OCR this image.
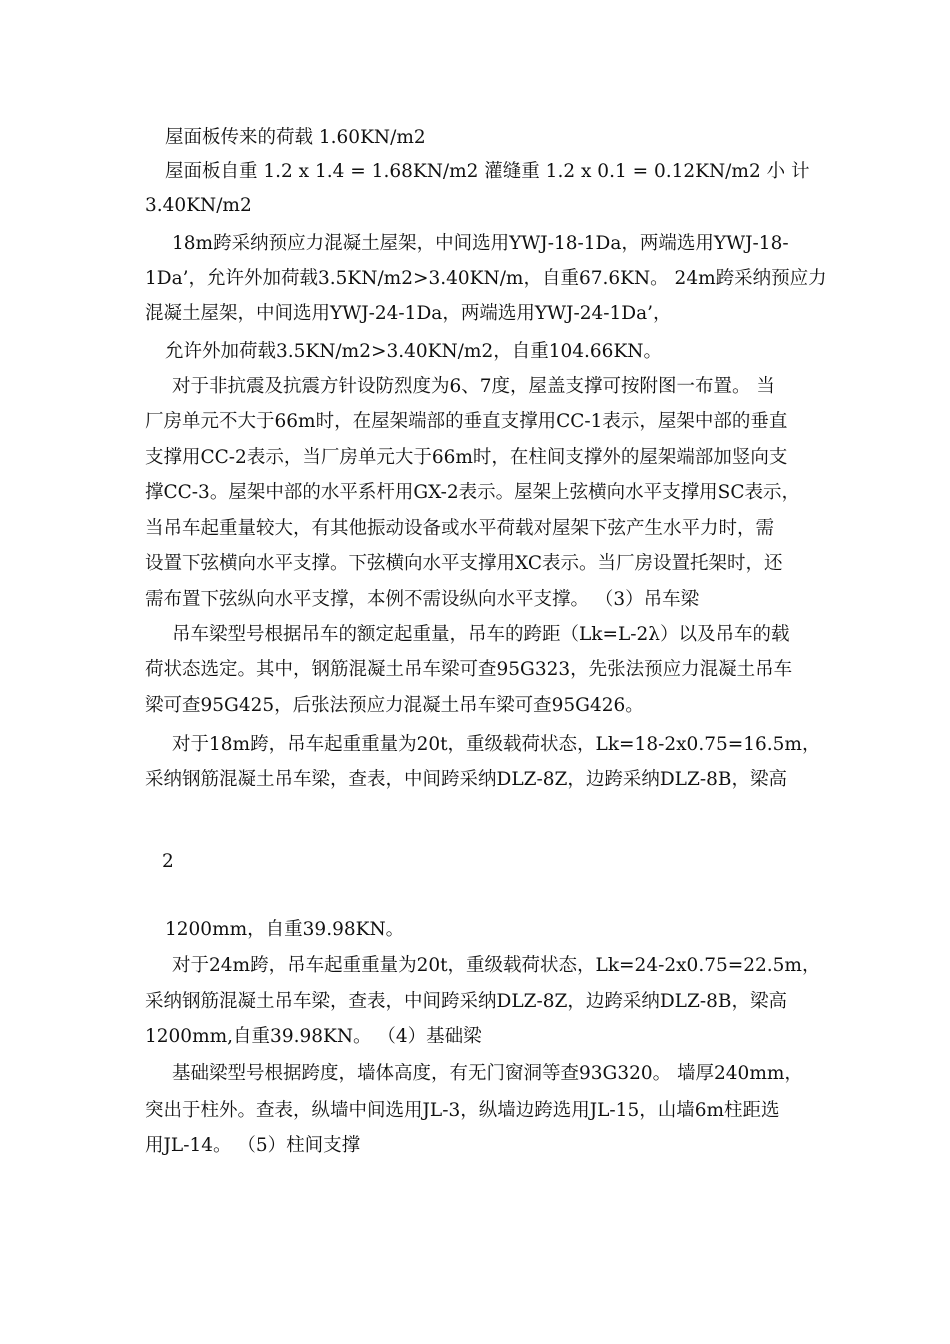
屋面板传来的荷载 1.60KN/m2
屋面板自重 1.2 x 1.4 = 1.68KN/m2 灌缝重 1.2 x 0.1 = 0.12KN/m2 小 计
3.40KN/m2
18m跨采纳预应力混凝土屋架，中间选用YWJ-18-1Da，两端选用YWJ-18-
1Da’，允许外加荷载3.5KN/m2>3.40KN/m，自重67.6KN。 24m跨采纳预应力
混凝土屋架，中间选用YWJ-24-1Da，两端选用YWJ-24-1Da’，
允许外加荷载3.5KN/m2>3.40KN/m2，自重104.66KN。
对于非抗震及抗震方针设防烈度为6、7度，屋盖支撑可按附图一布置。 当
厂房单元不大于66m时，在屋架端部的垂直支撑用CC-1表示，屋架中部的垂直
支撑用CC-2表示，当厂房单元大于66m时，在柱间支撑外的屋架端部加竖向支
撑CC-3。屋架中部的水平系杆用GX-2表示。屋架上弦横向水平支撑用SC表示，
当吊车起重量较大，有其他振动设备或水平荷载对屋架下弦产生水平力时，需
设置下弦横向水平支撑。下弦横向水平支撑用XC表示。当厂房设置托架时，还
需布置下弦纵向水平支撑，本例不需设纵向水平支撑。 （3）吊车梁
吊车梁型号根据吊车的额定起重量，吊车的跨距（Lk=L-2λ）以及吊车的载
荷状态选定。其中，钢筋混凝土吊车梁可查95G323，先张法预应力混凝土吊车
梁可查95G425，后张法预应力混凝土吊车梁可查95G426。
对于18m跨，吊车起重重量为20t，重级载荷状态，Lk=18-2x0.75=16.5m，
采纳钢筋混凝土吊车梁，查表，中间跨采纳DLZ-8Z，边跨采纳DLZ-8B，梁高
2
1200mm，自重39.98KN。
对于24m跨，吊车起重重量为20t，重级载荷状态，Lk=24-2x0.75=22.5m，
采纳钢筋混凝土吊车梁，查表，中间跨采纳DLZ-8Z，边跨采纳DLZ-8B，梁高
1200mm,自重39.98KN。 （4）基础梁
基础梁型号根据跨度，墙体高度，有无门窗洞等查93G320。 墙厚240mm，
突出于柱外。查表，纵墙中间选用JL-3，纵墙边跨选用JL-15，山墙6m柱距选
用JL-14。 （5）柱间支撑
